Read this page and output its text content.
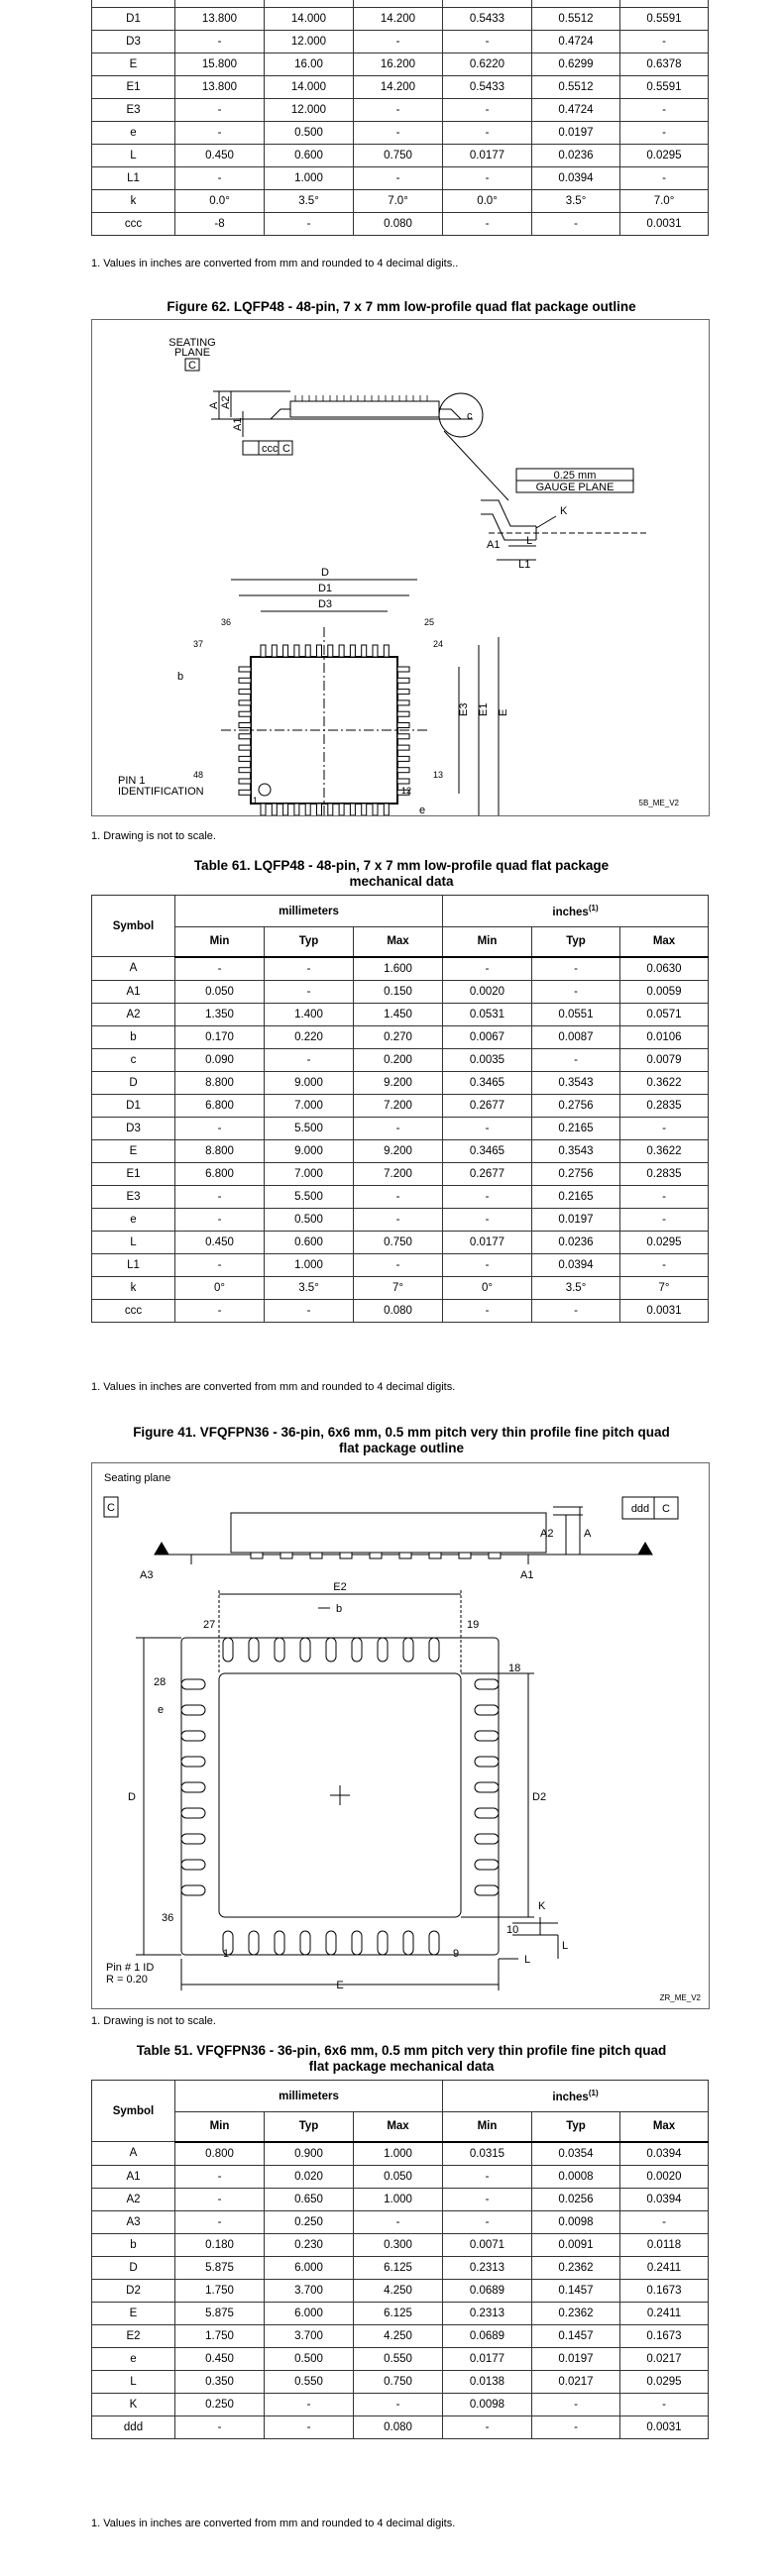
D1	13.800	14.000	14.200	0.5433	0.5512	0.5591
D3	-	12.000	-	-	0.4724	-
E	15.800	16.00	16.200	0.6220	0.6299	0.6378
E1	13.800	14.000	14.200	0.5433	0.5512	0.5591
E3	-	12.000	-	-	0.4724	-
e	-	0.500	-	-	0.0197	-
L	0.450	0.600	0.750	0.0177	0.0236	0.0295
L1	-	1.000	-	-	0.0394	-
k	0.0°	3.5°	7.0°	0.0°	3.5°	7.0°
ccc	-8	-	0.080	-	-	0.0031
1. Values in inches are converted from mm and rounded to 4 decimal digits..
Figure 62. LQFP48 - 48-pin, 7 x 7 mm low-profile quad flat package outline
SEATING
PLANE
C
A A2
A1
c
ccc C
0.25 mm
GAUGE PLANE
K
A1 L
L1
D
D1
D3
36	25
37	24
48	13
1
12
b
e
E3 E1 E
PIN 1
IDENTIFICATION
5B_ME_V2
1. Drawing is not to scale.
Table 61. LQFP48 - 48-pin, 7 x 7 mm low-profile quad flat package
mechanical data
Symbol	millimeters			inches$^{(1)}$
	Min	Typ	Max	Min	Typ	Max
A	-	-	1.600	-	-	0.0630
A1	0.050	-	0.150	0.0020	-	0.0059
A2	1.350	1.400	1.450	0.0531	0.0551	0.0571
b	0.170	0.220	0.270	0.0067	0.0087	0.0106
c	0.090	-	0.200	0.0035	-	0.0079
D	8.800	9.000	9.200	0.3465	0.3543	0.3622
D1	6.800	7.000	7.200	0.2677	0.2756	0.2835
D3	-	5.500	-	-	0.2165	-
E	8.800	9.000	9.200	0.3465	0.3543	0.3622
E1	6.800	7.000	7.200	0.2677	0.2756	0.2835
E3	-	5.500	-	-	0.2165	-
e	-	0.500	-	-	0.0197	-
L	0.450	0.600	0.750	0.0177	0.0236	0.0295
L1	-	1.000	-	-	0.0394	-
k	0°	3.5°	7°	0°	3.5°	7°
ccc	-	-	0.080	-	-	0.0031
1. Values in inches are converted from mm and rounded to 4 decimal digits.
Figure 41. VFQFPN36 - 36-pin, 6x6 mm, 0.5 mm pitch very thin profile fine pitch quad
flat package outline
Seating plane
C	ddd C
A2	A
A3	A1
E2
b
27	19
28
18
e
D	D2
K
36
10
1	9
Pin # 1 ID
R = 0.20
L
L
E
ZR_ME_V2
1. Drawing is not to scale.
Table 51. VFQFPN36 - 36-pin, 6x6 mm, 0.5 mm pitch very thin profile fine pitch quad
flat package mechanical data
Symbol	millimeters			inches$^{(1)}$
	Min	Typ	Max	Min	Typ	Max
A	0.800	0.900	1.000	0.0315	0.0354	0.0394
A1	-	0.020	0.050	-	0.0008	0.0020
A2	-	0.650	1.000	-	0.0256	0.0394
A3	-	0.250	-	-	0.0098	-
b	0.180	0.230	0.300	0.0071	0.0091	0.0118
D	5.875	6.000	6.125	0.2313	0.2362	0.2411
D2	1.750	3.700	4.250	0.0689	0.1457	0.1673
E	5.875	6.000	6.125	0.2313	0.2362	0.2411
E2	1.750	3.700	4.250	0.0689	0.1457	0.1673
e	0.450	0.500	0.550	0.0177	0.0197	0.0217
L	0.350	0.550	0.750	0.0138	0.0217	0.0295
K	0.250	-	-	0.0098	-	-
ddd	-	-	0.080	-	-	0.0031
1. Values in inches are converted from mm and rounded to 4 decimal digits.
